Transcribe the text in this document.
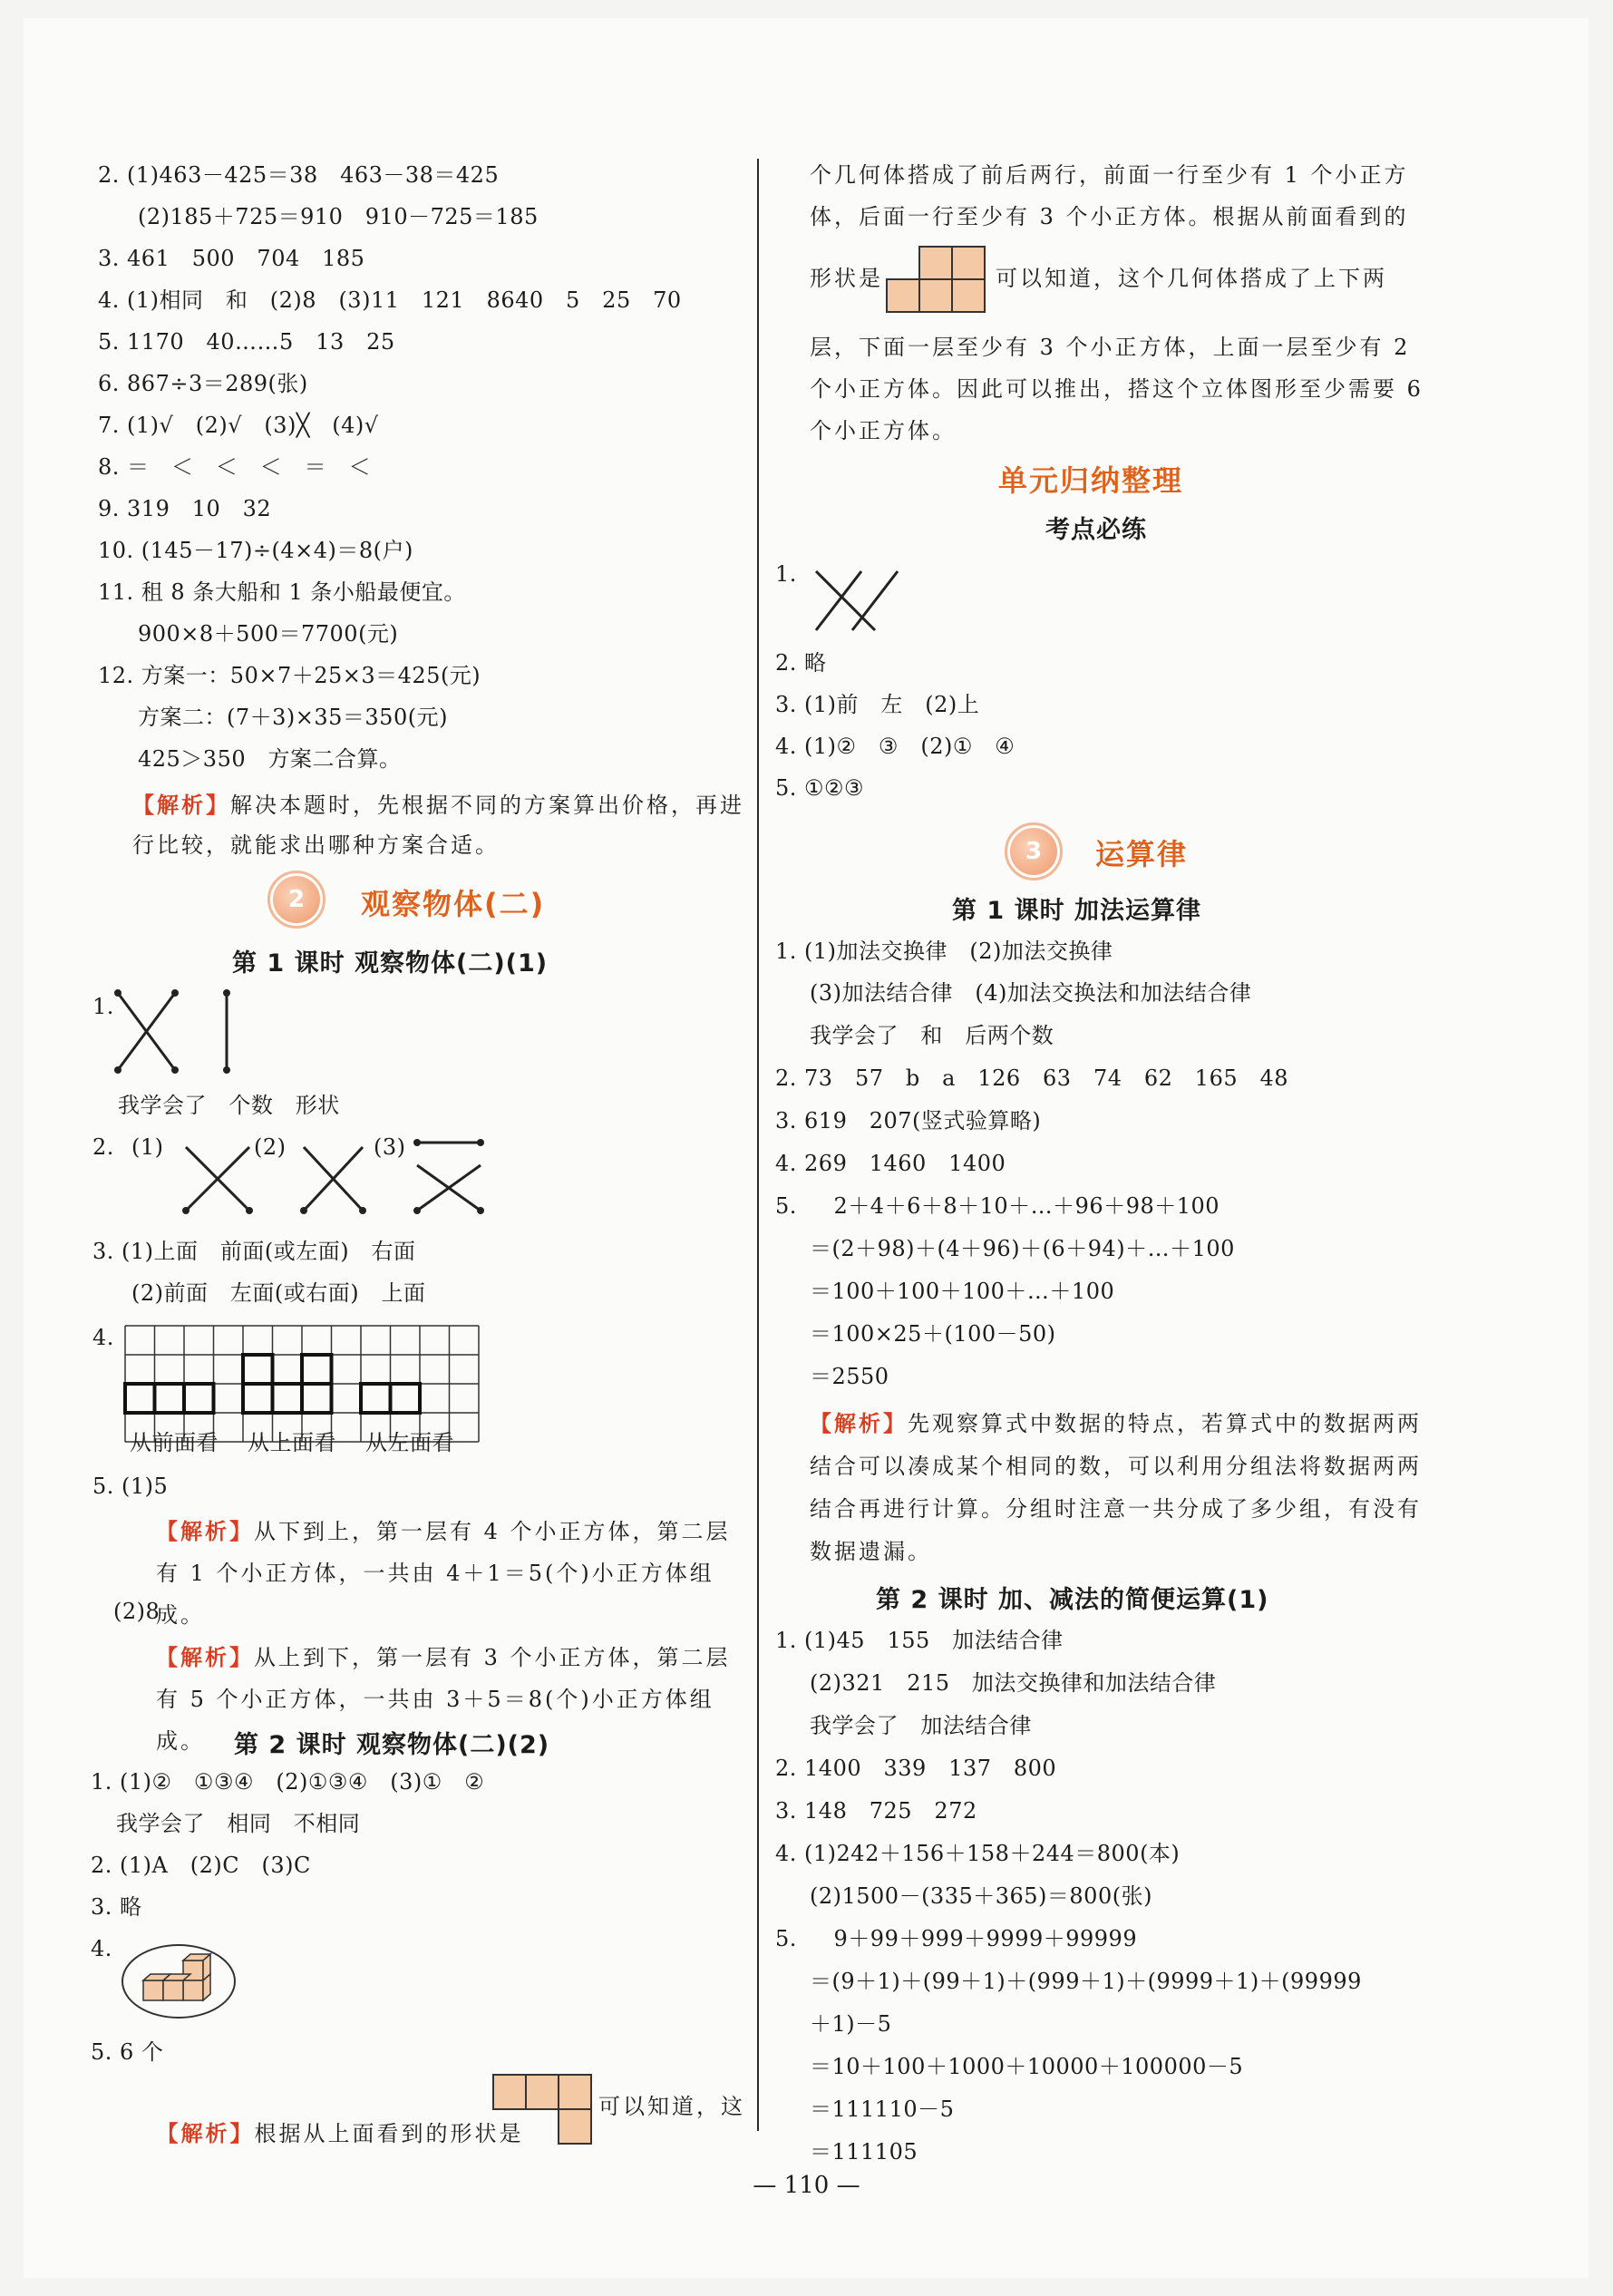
2. (1)463－425＝38   463－38＝425
(2)185＋725＝910   910－725＝185
3. 461   500   704   185
4. (1)相同   和   (2)8   (3)11   121   8640   5   25   70
5. 1170   40……5   13   25
6. 867÷3＝289(张)
7. (1)√   (2)√   (3)╳   (4)√
8. ＝   ＜   ＜   ＜   ＝   ＜
9. 319   10   32
10. (145－17)÷(4×4)＝8(户)
11. 租 8 条大船和 1 条小船最便宜。
900×8＋500＝7700(元)
12. 方案一：50×7＋25×3＝425(元)
方案二：(7＋3)×35＝350(元)
425＞350   方案二合算。
【解析】解决本题时，先根据不同的方案算出价格，再进行比较，就能求出哪种方案合适。
2	观察物体(二)
第 1 课时 观察物体(二)(1)
1.
我学会了   个数   形状
2. (1)	(2)	(3)
3. (1)上面   前面(或左面)   右面
(2)前面   左面(或右面)   上面
4.
从前面看 从上面看 从左面看
5. (1)5
【解析】从下到上，第一层有 4 个小正方体，第二层有 1 个小正方体，一共由 4＋1＝5(个)小正方体组成。
(2)8
【解析】从上到下，第一层有 3 个小正方体，第二层有 5 个小正方体，一共由 3＋5＝8(个)小正方体组成。	第 2 课时 观察物体(二)(2)
1. (1)②   ①③④   (2)①③④   (3)①   ②
我学会了   相同   不相同
2. (1)A   (2)C   (3)C
3. 略
4.
5. 6 个

【解析】根据从上面看到的形状是

可以知道，这
个几何体搭成了前后两行，前面一行至少有 1 个小正方体，后面一行至少有 3 个小正方体。根据从前面看到的
形状是	可以知道，这个几何体搭成了上下两
层，下面一层至少有 3 个小正方体，上面一层至少有 2 个小正方体。因此可以推出，搭这个立体图形至少需要 6 个小正方体。
单元归纳整理
考点必练
1.
2. 略
3. (1)前   左   (2)上
4. (1)②   ③   (2)①   ④
5. ①②③
3	运算律
第 1 课时 加法运算律
1. (1)加法交换律   (2)加法交换律
(3)加法结合律   (4)加法交换法和加法结合律
我学会了   和   后两个数
2. 73   57   b   a   126   63   74   62   165   48
3. 619   207(竖式验算略)
4. 269   1460   1400
5.     2＋4＋6＋8＋10＋…＋96＋98＋100
＝(2＋98)＋(4＋96)＋(6＋94)＋…＋100
＝100＋100＋100＋…＋100
＝100×25＋(100－50)
＝2550
【解析】先观察算式中数据的特点，若算式中的数据两两结合可以凑成某个相同的数，可以利用分组法将数据两两结合再进行计算。分组时注意一共分成了多少组，有没有数据遗漏。
第 2 课时 加、减法的简便运算(1)
1. (1)45   155   加法结合律
(2)321   215   加法交换律和加法结合律
我学会了   加法结合律
2. 1400   339   137   800
3. 148   725   272
4. (1)242＋156＋158＋244＝800(本)
(2)1500－(335＋365)＝800(张)
5.     9＋99＋999＋9999＋99999
＝(9＋1)＋(99＋1)＋(999＋1)＋(9999＋1)＋(99999
＋1)－5
＝10＋100＋1000＋10000＋100000－5
＝111110－5
＝111105
— 110 —
